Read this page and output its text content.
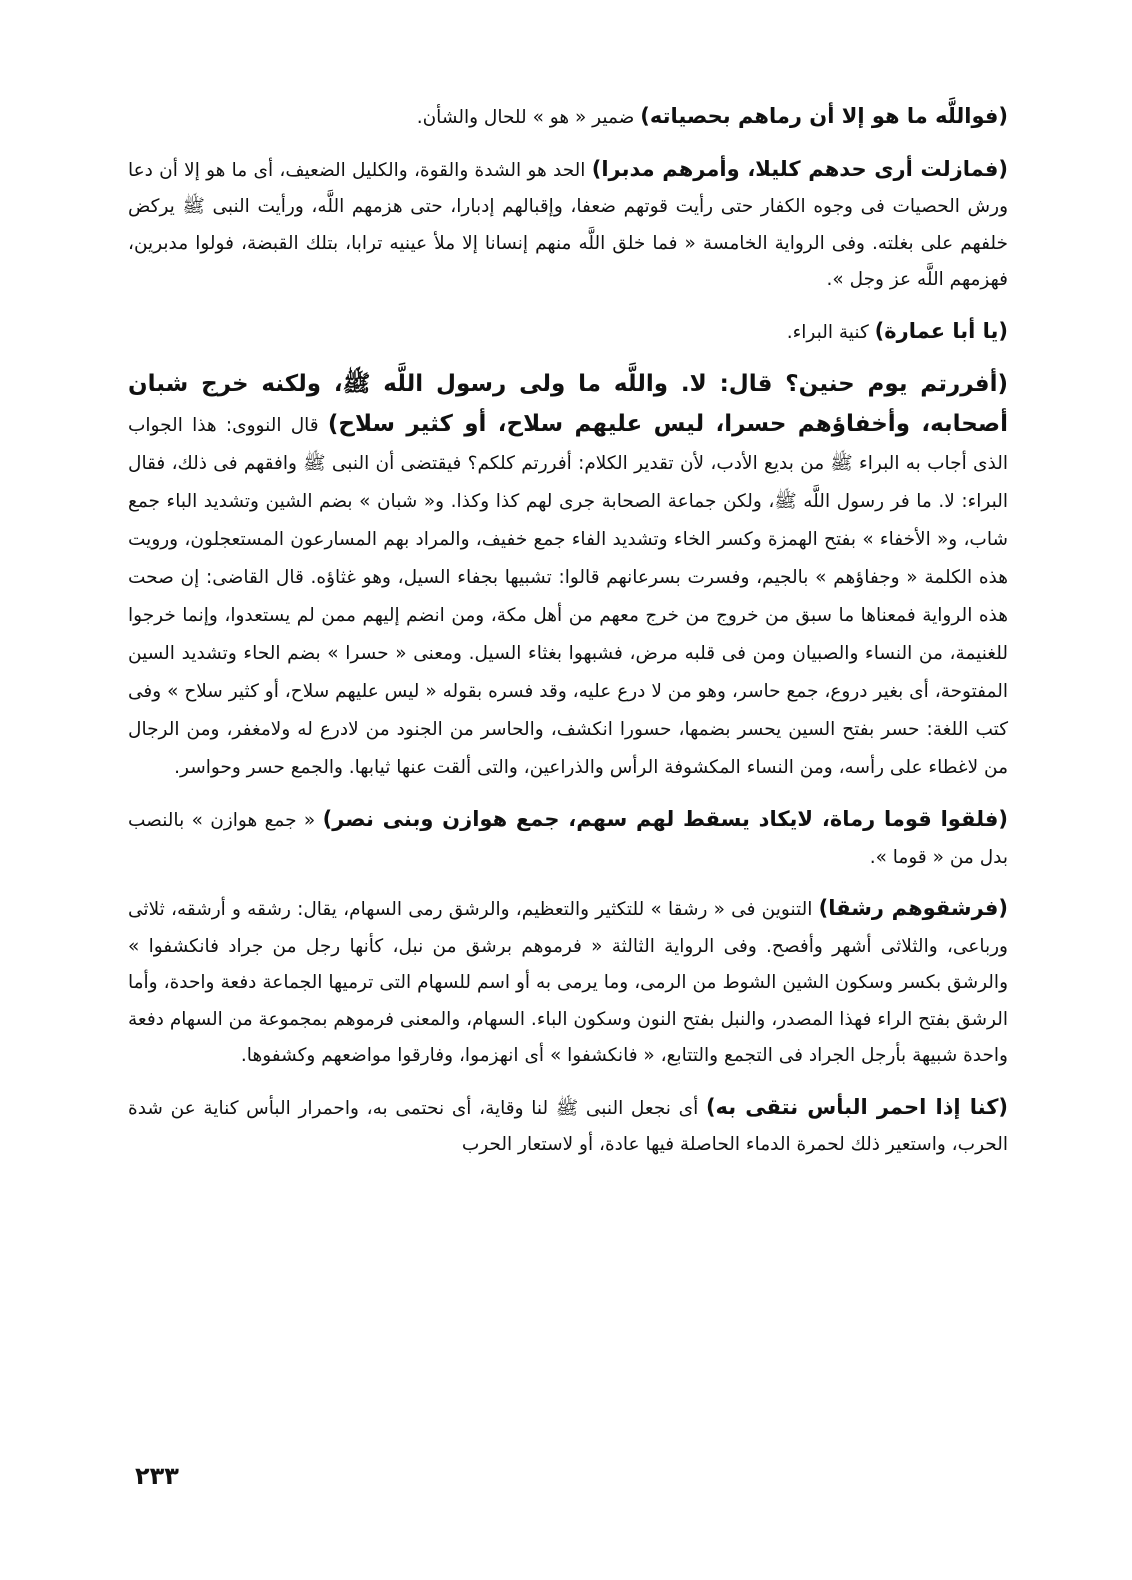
(فواللَّه ما هو إلا أن رماهم بحصياته) ضمير « هو » للحال والشأن.

(فمازلت أرى حدهم كليلا، وأمرهم مدبرا) الحد هو الشدة والقوة، والكليل الضعيف، أى ما هو إلا أن دعا ورش الحصيات فى وجوه الكفار حتى رأيت قوتهم ضعفا، وإقبالهم إدبارا، حتى هزمهم اللَّه، ورأيت النبى ﷺ يركض خلفهم على بغلته. وفى الرواية الخامسة « فما خلق اللَّه منهم إنسانا إلا ملأ عينيه ترابا، بتلك القبضة، فولوا مدبرين، فهزمهم اللَّه عز وجل ».

(يا أبا عمارة) كنية البراء.

(أفررتم يوم حنين؟ قال: لا. واللَّه ما ولى رسول اللَّه ﷺ، ولكنه خرج شبان أصحابه، وأخفاؤهم حسرا، ليس عليهم سلاح، أو كثير سلاح) قال النووى: هذا الجواب الذى أجاب به البراء ﷺ من بديع الأدب، لأن تقدير الكلام: أفررتم كلكم؟ فيقتضى أن النبى ﷺ وافقهم فى ذلك، فقال البراء: لا. ما فر رسول اللَّه ﷺ، ولكن جماعة الصحابة جرى لهم كذا وكذا. و« شبان » بضم الشين وتشديد الباء جمع شاب، و« الأخفاء » بفتح الهمزة وكسر الخاء وتشديد الفاء جمع خفيف، والمراد بهم المسارعون المستعجلون، ورويت هذه الكلمة « وجفاؤهم » بالجيم، وفسرت بسرعانهم قالوا: تشبيها بجفاء السيل، وهو غثاؤه. قال القاضى: إن صحت هذه الرواية فمعناها ما سبق من خروج من خرج معهم من أهل مكة، ومن انضم إليهم ممن لم يستعدوا، وإنما خرجوا للغنيمة، من النساء والصبيان ومن فى قلبه مرض، فشبهوا بغثاء السيل. ومعنى « حسرا » بضم الحاء وتشديد السين المفتوحة، أى بغير دروع، جمع حاسر، وهو من لا درع عليه، وقد فسره بقوله « ليس عليهم سلاح، أو كثير سلاح » وفى كتب اللغة: حسر بفتح السين يحسر بضمها، حسورا انكشف، والحاسر من الجنود من لادرع له ولامغفر، ومن الرجال من لاغطاء على رأسه، ومن النساء المكشوفة الرأس والذراعين، والتى ألقت عنها ثيابها. والجمع حسر وحواسر.

(فلقوا قوما رماة، لايكاد يسقط لهم سهم، جمع هوازن وبنى نصر) « جمع هوازن » بالنصب بدل من « قوما ».

(فرشقوهم رشقا) التنوين فى « رشقا » للتكثير والتعظيم، والرشق رمى السهام، يقال: رشقه و أرشقه، ثلاثى ورباعى، والثلاثى أشهر وأفصح. وفى الرواية الثالثة « فرموهم برشق من نبل، كأنها رجل من جراد فانكشفوا » والرشق بكسر وسكون الشين الشوط من الرمى، وما يرمى به أو اسم للسهام التى ترميها الجماعة دفعة واحدة، وأما الرشق بفتح الراء فهذا المصدر، والنبل بفتح النون وسكون الباء. السهام، والمعنى فرموهم بمجموعة من السهام دفعة واحدة شبيهة بأرجل الجراد فى التجمع والتتابع، « فانكشفوا » أى انهزموا، وفارقوا مواضعهم وكشفوها.

(كنا إذا احمر البأس نتقى به) أى نجعل النبى ﷺ لنا وقاية، أى نحتمى به، واحمرار البأس كناية عن شدة الحرب، واستعير ذلك لحمرة الدماء الحاصلة فيها عادة، أو لاستعار الحرب

٢٣٣
